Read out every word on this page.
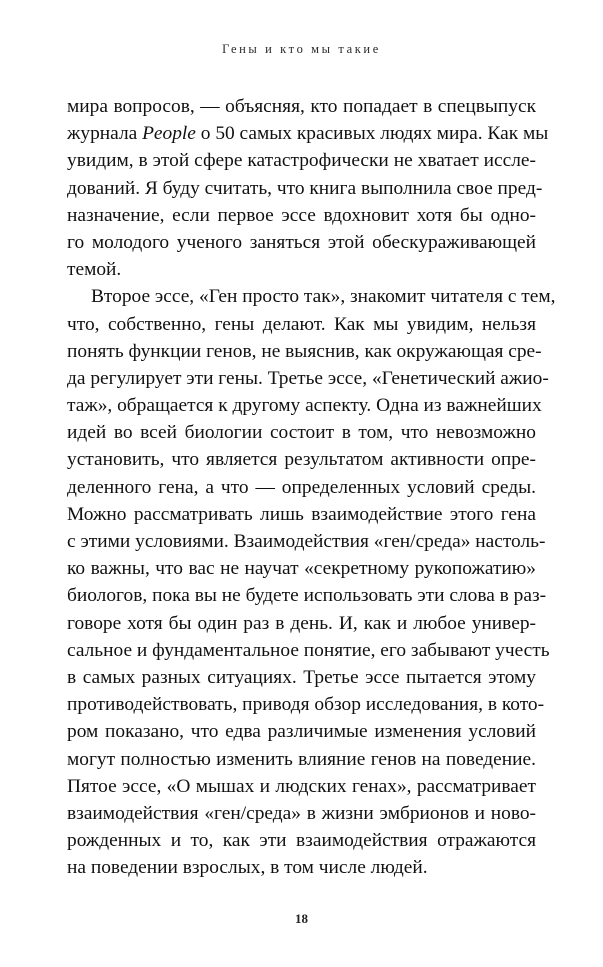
Гены и кто мы такие
мира вопросов, — объясняя, кто попадает в спецвыпуск
журнала People о 50 самых красивых людях мира. Как мы
увидим, в этой сфере катастрофически не хватает иссле-
дований. Я буду считать, что книга выполнила свое пред-
назначение, если первое эссе вдохновит хотя бы одно-
го молодого ученого заняться этой обескураживающей
темой.
Второе эссе, «Ген просто так», знакомит читателя с тем,
что, собственно, гены делают. Как мы увидим, нельзя
понять функции генов, не выяснив, как окружающая сре-
да регулирует эти гены. Третье эссе, «Генетический ажио-
таж», обращается к другому аспекту. Одна из важнейших
идей во всей биологии состоит в том, что невозможно
установить, что является результатом активности опре-
деленного гена, а что — определенных условий среды.
Можно рассматривать лишь взаимодействие этого гена
с этими условиями. Взаимодействия «ген/среда» настоль-
ко важны, что вас не научат «секретному рукопожатию»
биологов, пока вы не будете использовать эти слова в раз-
говоре хотя бы один раз в день. И, как и любое универ-
сальное и фундаментальное понятие, его забывают учесть
в самых разных ситуациях. Третье эссе пытается этому
противодействовать, приводя обзор исследования, в кото-
ром показано, что едва различимые изменения условий
могут полностью изменить влияние генов на поведение.
Пятое эссе, «О мышах и людских генах», рассматривает
взаимодействия «ген/среда» в жизни эмбрионов и ново-
рожденных и то, как эти взаимодействия отражаются
на поведении взрослых, в том числе людей.
18
